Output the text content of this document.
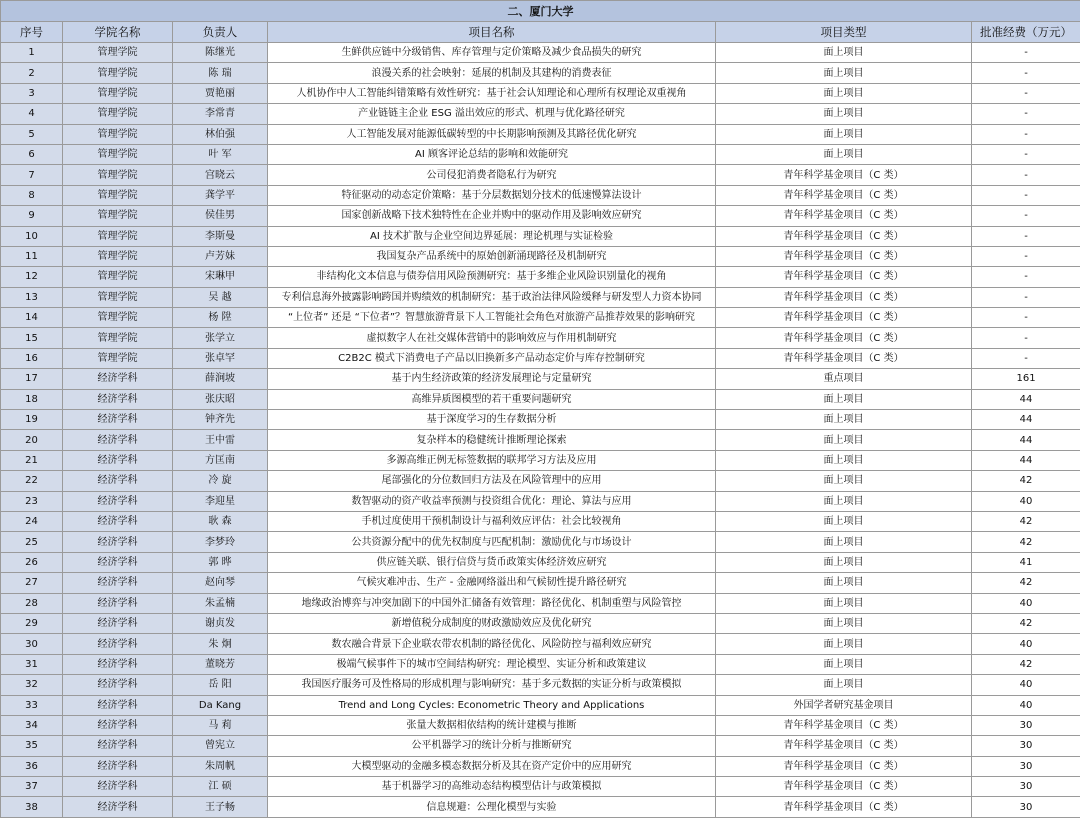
二、厦门大学					
序号	学院名称	负责人	项目名称	项目类型	批准经费（万元）
1	管理学院	陈继光	生鲜供应链中分级销售、库存管理与定价策略及减少食品损失的研究	面上项目	-
2	管理学院	陈 瑞	浪漫关系的社会映射：延展的机制及其建构的消费表征	面上项目	-
3	管理学院	贾艳丽	人机协作中人工智能纠错策略有效性研究：基于社会认知理论和心理所有权理论双重视角	面上项目	-
4	管理学院	李常青	产业链链主企业 ESG 溢出效应的形式、机理与优化路径研究	面上项目	-
5	管理学院	林伯强	人工智能发展对能源低碳转型的中长期影响预测及其路径优化研究	面上项目	-
6	管理学院	叶 军	AI 顾客评论总结的影响和效能研究	面上项目	-
7	管理学院	宫晓云	公司侵犯消费者隐私行为研究	青年科学基金项目（C 类）	-
8	管理学院	龚学平	特征驱动的动态定价策略：基于分层数据划分技术的低速慢算法设计	青年科学基金项目（C 类）	-
9	管理学院	侯佳男	国家创新战略下技术独特性在企业并购中的驱动作用及影响效应研究	青年科学基金项目（C 类）	-
10	管理学院	李斯曼	AI 技术扩散与企业空间边界延展：理论机理与实证检验	青年科学基金项目（C 类）	-
11	管理学院	卢芳妹	我国复杂产品系统中的原始创新涌现路径及机制研究	青年科学基金项目（C 类）	-
12	管理学院	宋琳甲	非结构化文本信息与债券信用风险预测研究：基于多维企业风险识别量化的视角	青年科学基金项目（C 类）	-
13	管理学院	吴 越	专利信息海外披露影响跨国并购绩效的机制研究：基于政治法律风险缓释与研发型人力资本协同	青年科学基金项目（C 类）	-
14	管理学院	杨 陞	“上位者” 还是 “下位者”？智慧旅游背景下人工智能社会角色对旅游产品推荐效果的影响研究	青年科学基金项目（C 类）	-
15	管理学院	张学立	虚拟数字人在社交媒体营销中的影响效应与作用机制研究	青年科学基金项目（C 类）	-
16	管理学院	张卓罕	C2B2C 模式下消费电子产品以旧换新多产品动态定价与库存控制研究	青年科学基金项目（C 类）	-
17	经济学科	薛涧坡	基于内生经济政策的经济发展理论与定量研究	重点项目	161
18	经济学科	张庆昭	高维异质图模型的若干重要问题研究	面上项目	44
19	经济学科	钟齐先	基于深度学习的生存数据分析	面上项目	44
20	经济学科	王中雷	复杂样本的稳健统计推断理论探索	面上项目	44
21	经济学科	方匡南	多源高维正例无标签数据的联邦学习方法及应用	面上项目	44
22	经济学科	冷 旋	尾部强化的分位数回归方法及在风险管理中的应用	面上项目	42
23	经济学科	李迎星	数智驱动的资产收益率预测与投资组合优化：理论、算法与应用	面上项目	40
24	经济学科	耿 森	手机过度使用干预机制设计与福利效应评估：社会比较视角	面上项目	42
25	经济学科	李梦玲	公共资源分配中的优先权制度与匹配机制：激励优化与市场设计	面上项目	42
26	经济学科	郭 晔	供应链关联、银行信贷与货币政策实体经济效应研究	面上项目	41
27	经济学科	赵向琴	气候灾难冲击、生产 - 金融网络溢出和气候韧性提升路径研究	面上项目	42
28	经济学科	朱孟楠	地缘政治博弈与冲突加剧下的中国外汇储备有效管理：路径优化、机制重塑与风险管控	面上项目	40
29	经济学科	谢贞发	新增值税分成制度的财政激励效应及优化研究	面上项目	42
30	经济学科	朱 炯	数农融合背景下企业联农带农机制的路径优化、风险防控与福利效应研究	面上项目	40
31	经济学科	董晓芳	极端气候事件下的城市空间结构研究：理论模型、实证分析和政策建议	面上项目	42
32	经济学科	岳 阳	我国医疗服务可及性格局的形成机理与影响研究：基于多元数据的实证分析与政策模拟	面上项目	40
33	经济学科	Da Kang	Trend and Long Cycles: Econometric Theory and Applications	外国学者研究基金项目	40
34	经济学科	马 莉	张量大数据相依结构的统计建模与推断	青年科学基金项目（C 类）	30
35	经济学科	曾宪立	公平机器学习的统计分析与推断研究	青年科学基金项目（C 类）	30
36	经济学科	朱周帆	大模型驱动的金融多模态数据分析及其在资产定价中的应用研究	青年科学基金项目（C 类）	30
37	经济学科	江 硕	基于机器学习的高维动态结构模型估计与政策模拟	青年科学基金项目（C 类）	30
38	经济学科	王子畅	信息规避：公理化模型与实验	青年科学基金项目（C 类）	30
